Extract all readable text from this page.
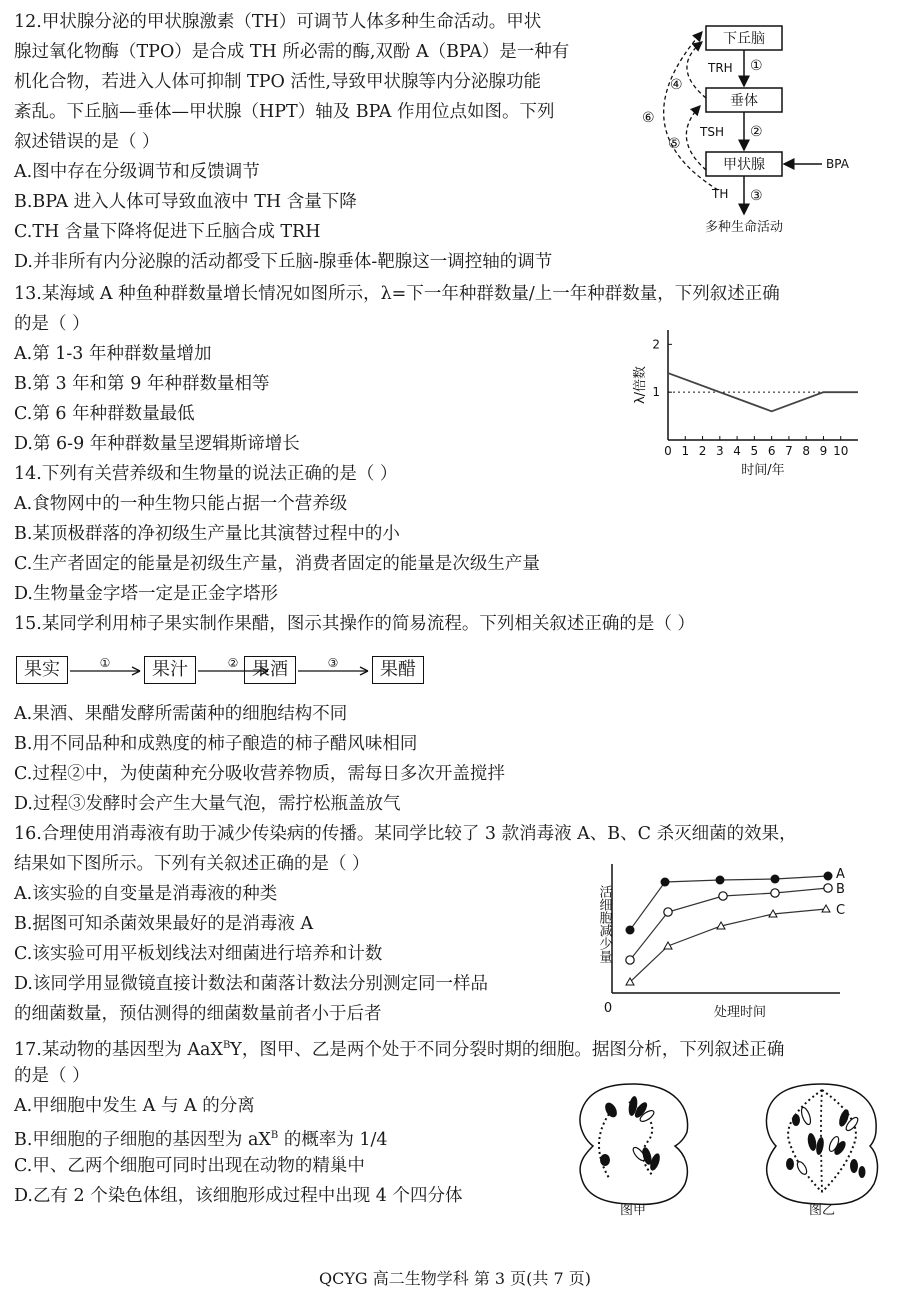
12.甲状腺分泌的甲状腺激素（TH）可调节人体多种生命活动。甲状
腺过氧化物酶（TPO）是合成 TH 所必需的酶,双酚 A（BPA）是一种有
机化合物，若进入人体可抑制 TPO 活性,导致甲状腺等内分泌腺功能
紊乱。下丘脑—垂体—甲状腺（HPT）轴及 BPA 作用位点如图。下列
叙述错误的是（ ）
A.图中存在分级调节和反馈调节
B.BPA 进入人体可导致血液中 TH 含量下降
C.TH 含量下降将促进下丘脑合成 TRH
D.并非所有内分泌腺的活动都受下丘脑-腺垂体-靶腺这一调控轴的调节
下丘脑
垂体
甲状腺
TRH ①
TSH ②
TH ③
BPA
多种生命活动
④
⑤
⑥
13.某海域 A 种鱼种群数量增长情况如图所示，λ=下一年种群数量/上一年种群数量，下列叙述正确
的是（ ）
A.第 1-3 年种群数量增加
B.第 3 年和第 9 年种群数量相等
C.第 6 年种群数量最低
D.第 6-9 年种群数量呈逻辑斯谛增长
λ/倍数
时间/年
0 1 2 3 4 5 6 7 8 9 10
1
2
14.下列有关营养级和生物量的说法正确的是（ ）
A.食物网中的一种生物只能占据一个营养级
B.某顶极群落的净初级生产量比其演替过程中的小
C.生产者固定的能量是初级生产量，消费者固定的能量是次级生产量
D.生物量金字塔一定是正金字塔形
15.某同学利用柿子果实制作果醋，图示其操作的简易流程。下列相关叙述正确的是（ ）
果实	①	果汁	② 果酒	③	果醋
A.果酒、果醋发酵所需菌种的细胞结构不同
B.用不同品种和成熟度的柿子酿造的柿子醋风味相同
C.过程②中，为使菌种充分吸收营养物质，需每日多次开盖搅拌
D.过程③发酵时会产生大量气泡，需拧松瓶盖放气
16.合理使用消毒液有助于减少传染病的传播。某同学比较了 3 款消毒液 A、B、C 杀灭细菌的效果，
结果如下图所示。下列有关叙述正确的是（ ）
A.该实验的自变量是消毒液的种类
B.据图可知杀菌效果最好的是消毒液 A
C.该实验可用平板划线法对细菌进行培养和计数
D.该同学用显微镜直接计数法和菌落计数法分别测定同一样品
的细菌数量，预估测得的细菌数量前者小于后者
活细胞减少量
处理时间
0
A
B
C
17.某动物的基因型为 AaX$^B$Y，图甲、乙是两个处于不同分裂时期的细胞。据图分析，下列叙述正确
的是（ ）
A.甲细胞中发生 A 与 A 的分离
B.甲细胞的子细胞的基因型为 $aX^B$ 的概率为 1/4
C.甲、乙两个细胞可同时出现在动物的精巢中
D.乙有 2 个染色体组，该细胞形成过程中出现 4 个四分体
图甲	图乙
QCYG 高二生物学科 第 3 页(共 7 页)
